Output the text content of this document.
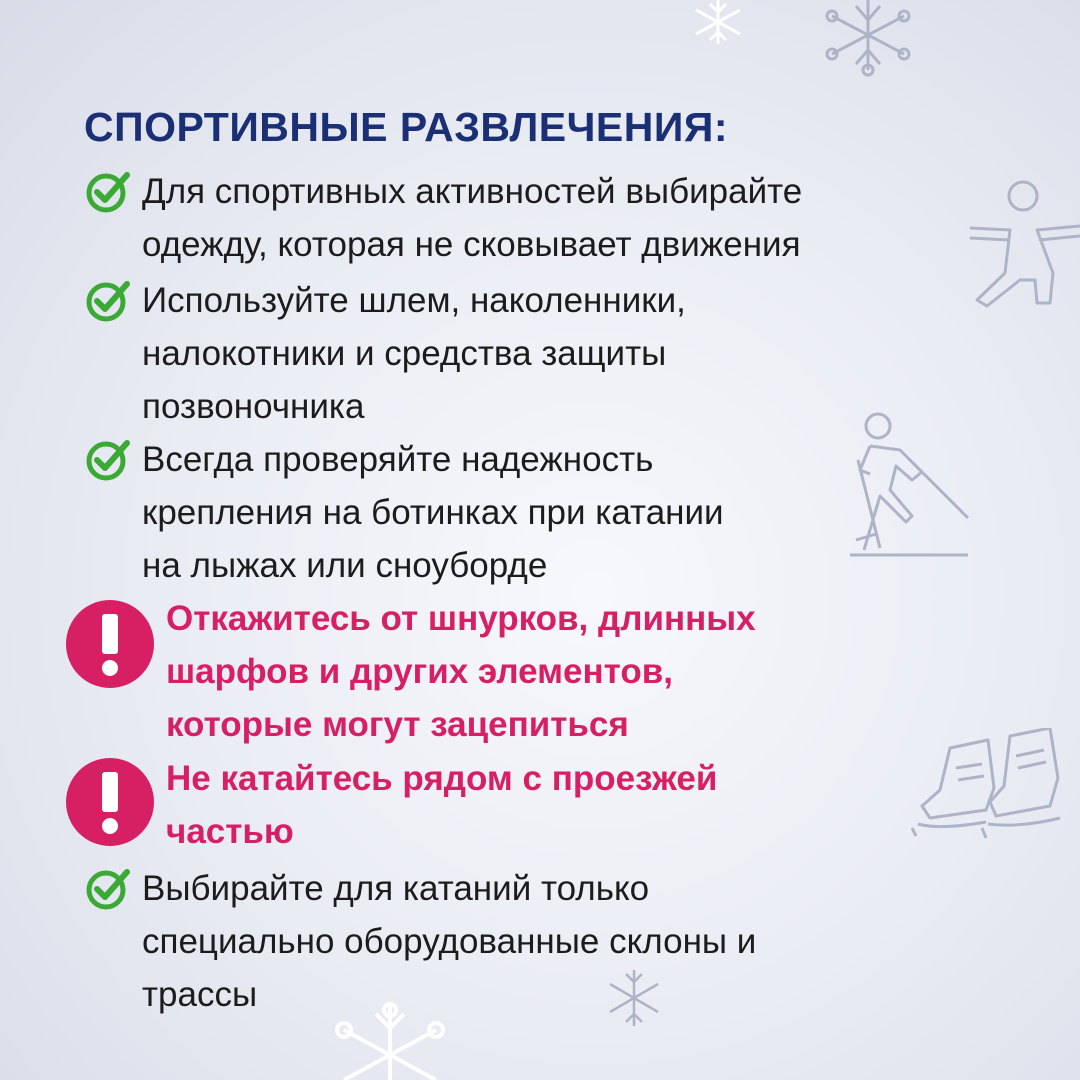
СПОРТИВНЫЕ РАЗВЛЕЧЕНИЯ:
Для спортивных активностей выбирайте
одежду, которая не сковывает движения
Используйте шлем, наколенники,
налокотники и средства защиты
позвоночника
Всегда проверяйте надежность
крепления на ботинках при катании
на лыжах или сноуборде
Откажитесь от шнурков, длинных
шарфов и других элементов,
которые могут зацепиться
Не катайтесь рядом с проезжей
частью
Выбирайте для катаний только
специально оборудованные склоны и
трассы
